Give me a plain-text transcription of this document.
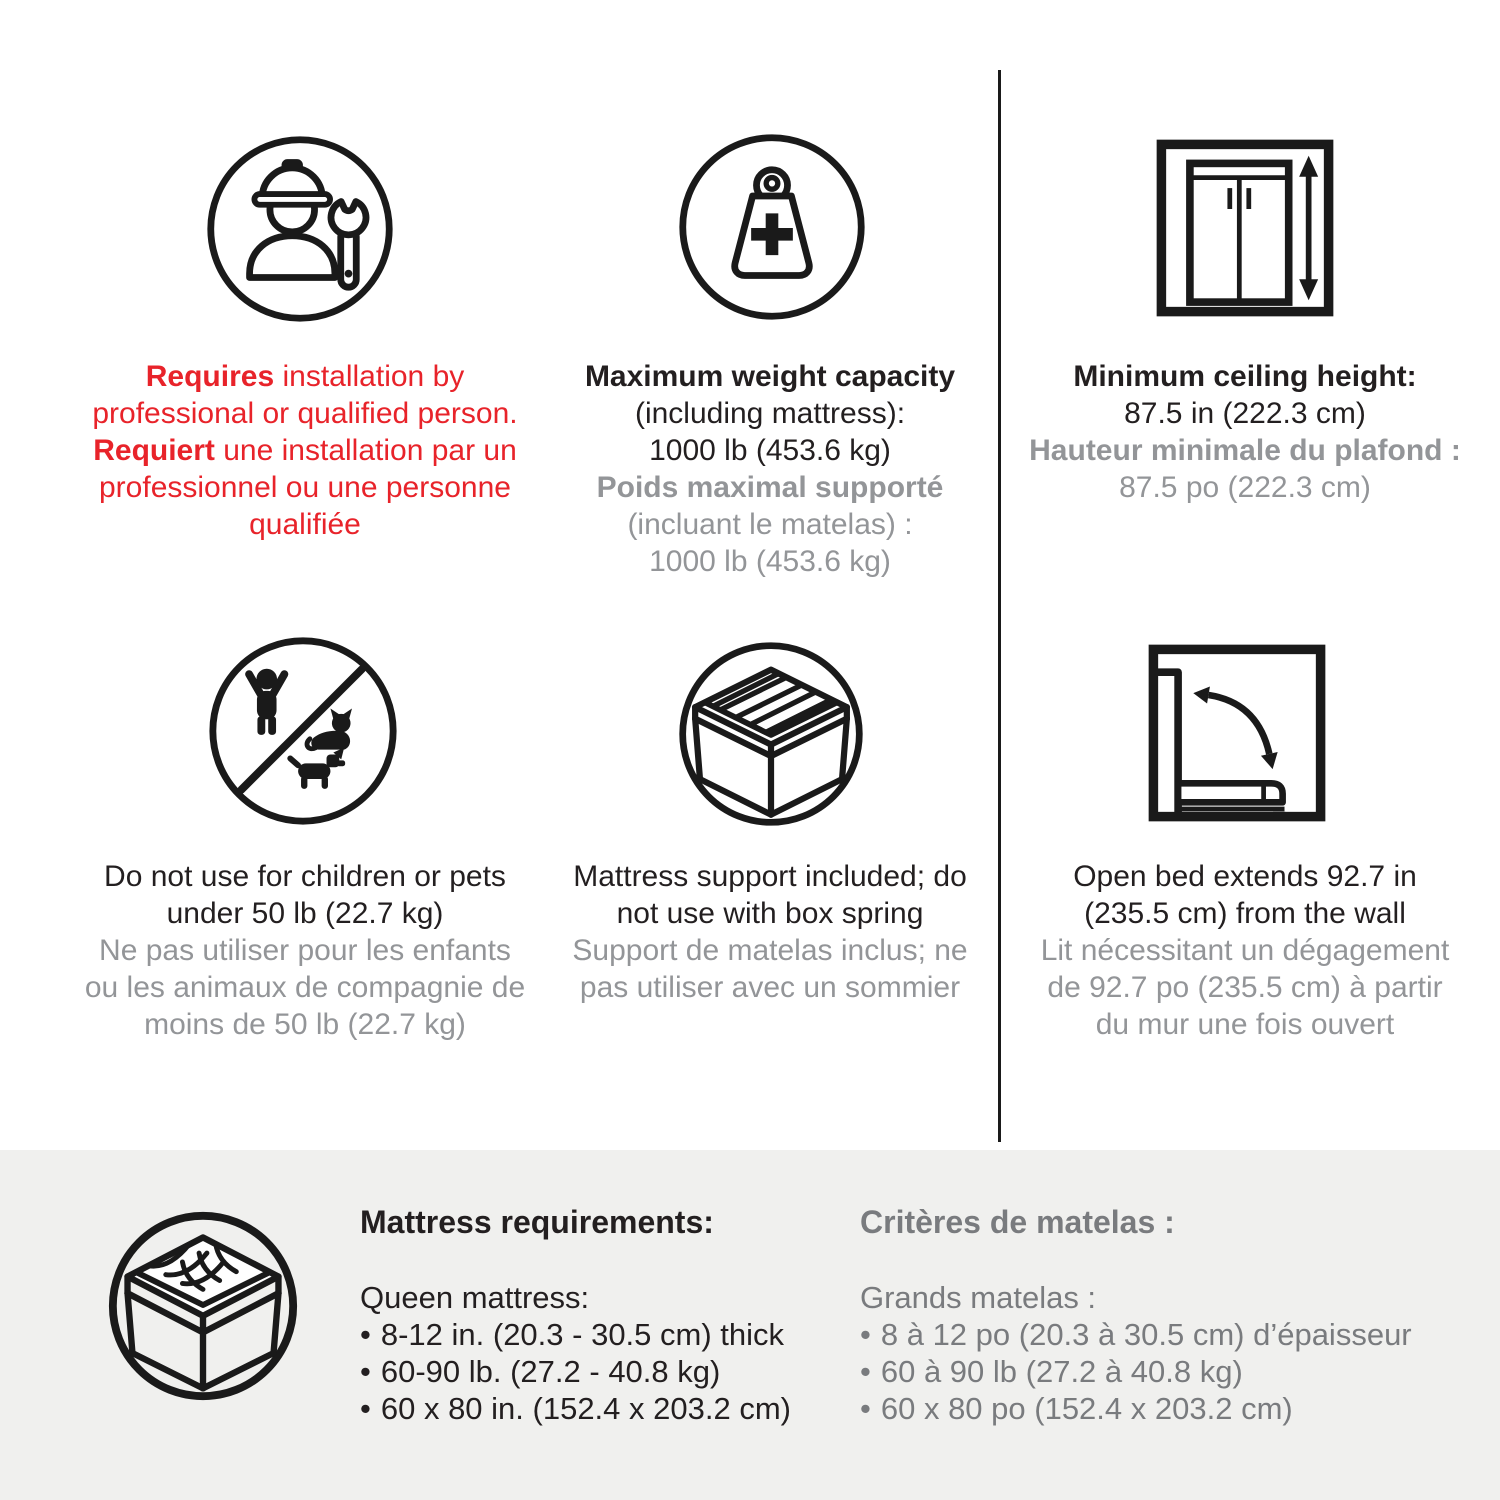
Requires installation by
professional or qualified person.
Requiert une installation par un
professionnel ou une personne
qualifiée

Maximum weight capacity
(including mattress):
1000 lb (453.6 kg)
Poids maximal supporté
(incluant le matelas) :
1000 lb (453.6 kg)

Minimum ceiling height:
87.5 in (222.3 cm)
Hauteur minimale du plafond :
87.5 po (222.3 cm)

Do not use for children or pets
under 50 lb (22.7 kg)
Ne pas utiliser pour les enfants
ou les animaux de compagnie de
moins de 50 lb (22.7 kg)

Mattress support included; do
not use with box spring
Support de matelas inclus; ne
pas utiliser avec un sommier

Open bed extends 92.7 in
(235.5 cm) from the wall
Lit nécessitant un dégagement
de 92.7 po (235.5 cm) à partir
du mur une fois ouvert

Mattress requirements:
Queen mattress:
• 8-12 in. (20.3 - 30.5 cm) thick
• 60-90 lb. (27.2 - 40.8 kg)
• 60 x 80 in. (152.4 x 203.2 cm)
Critères de matelas :
Grands matelas :
• 8 à 12 po (20.3 à 30.5 cm) d’épaisseur
• 60 à 90 lb (27.2 à 40.8 kg)
• 60 x 80 po (152.4 x 203.2 cm)
